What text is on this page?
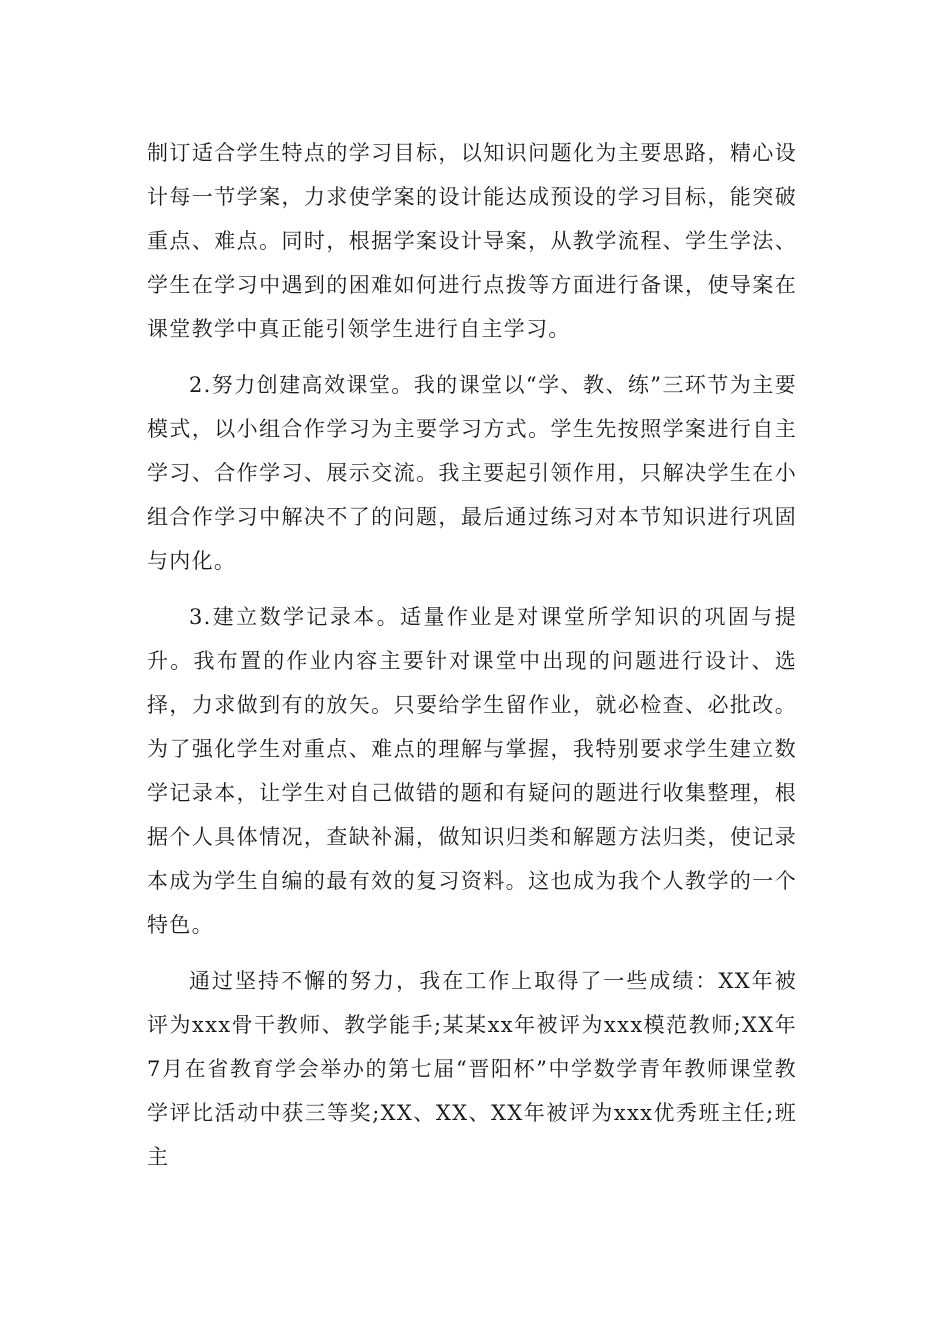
制订适合学生特点的学习目标，以知识问题化为主要思路，精心设计每一节学案，力求使学案的设计能达成预设的学习目标，能突破重点、难点。同时，根据学案设计导案，从教学流程、学生学法、学生在学习中遇到的困难如何进行点拨等方面进行备课，使导案在课堂教学中真正能引领学生进行自主学习。

2.努力创建高效课堂。我的课堂以“学、教、练”三环节为主要模式，以小组合作学习为主要学习方式。学生先按照学案进行自主学习、合作学习、展示交流。我主要起引领作用，只解决学生在小组合作学习中解决不了的问题，最后通过练习对本节知识进行巩固与内化。

3.建立数学记录本。适量作业是对课堂所学知识的巩固与提升。我布置的作业内容主要针对课堂中出现的问题进行设计、选择，力求做到有的放矢。只要给学生留作业，就必检查、必批改。为了强化学生对重点、难点的理解与掌握，我特别要求学生建立数学记录本，让学生对自己做错的题和有疑问的题进行收集整理，根据个人具体情况，查缺补漏，做知识归类和解题方法归类，使记录本成为学生自编的最有效的复习资料。这也成为我个人教学的一个特色。

通过坚持不懈的努力，我在工作上取得了一些成绩：XX年被评为xxx骨干教师、教学能手;某某xx年被评为xxx模范教师;XX年7月在省教育学会举办的第七届“晋阳杯”中学数学青年教师课堂教学评比活动中获三等奖;XX、XX、XX年被评为xxx优秀班主任;班主
